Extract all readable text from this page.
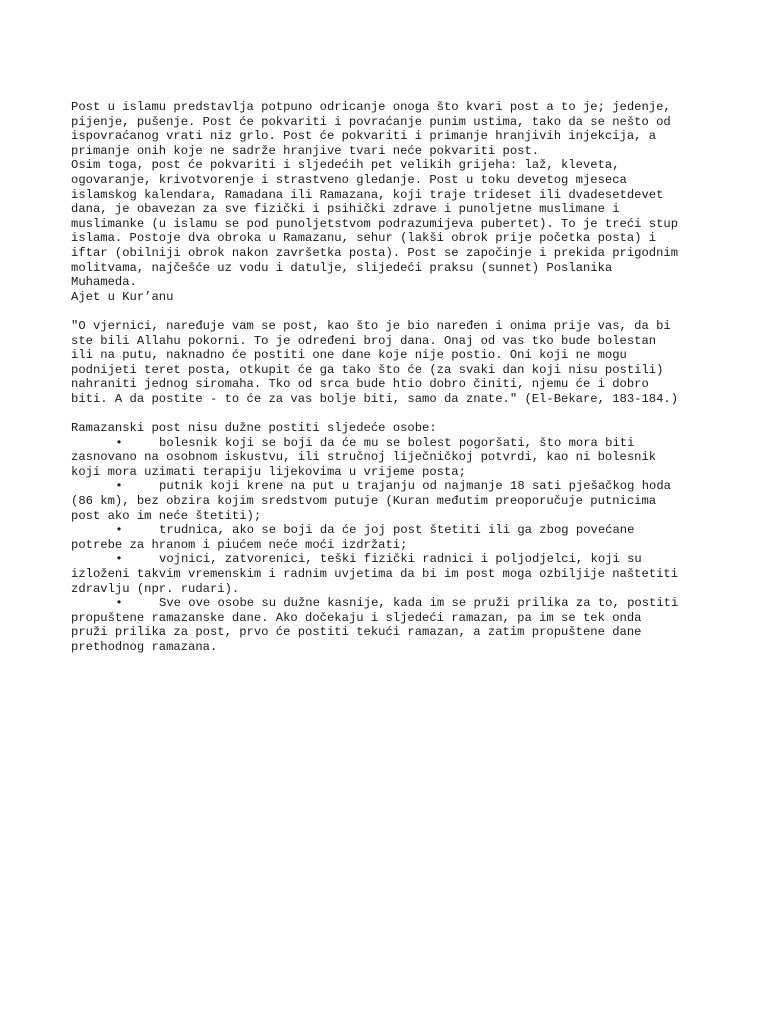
Post u islamu predstavlja potpuno odricanje onoga što kvari post a to je; jedenje,
pijenje, pušenje. Post će pokvariti i povraćanje punim ustima, tako da se nešto od
ispovraćanog vrati niz grlo. Post će pokvariti i primanje hranjivih injekcija, a
primanje onih koje ne sadrže hranjive tvari neće pokvariti post.
Osim toga, post će pokvariti i sljedećih pet velikih grijeha: laž, kleveta,
ogovaranje, krivotvorenje i strastveno gledanje. Post u toku devetog mjeseca
islamskog kalendara, Ramadana ili Ramazana, koji traje trideset ili dvadesetdevet
dana, je obavezan za sve fizički i psihički zdrave i punoljetne muslimane i
muslimanke (u islamu se pod punoljetstvom podrazumijeva pubertet). To je treći stup
islama. Postoje dva obroka u Ramazanu, sehur (lakši obrok prije početka posta) i
iftar (obilniji obrok nakon završetka posta). Post se započinje i prekida prigodnim
molitvama, najčešće uz vodu i datulje, slijedeći praksu (sunnet) Poslanika
Muhameda.
Ajet u Kur’anu
"O vjernici, naređuje vam se post, kao što je bio naređen i onima prije vas, da bi
ste bili Allahu pokorni. To je određeni broj dana. Onaj od vas tko bude bolestan
ili na putu, naknadno će postiti one dane koje nije postio. Oni koji ne mogu
podnijeti teret posta, otkupit će ga tako što će (za svaki dan koji nisu postili)
nahraniti jednog siromaha. Tko od srca bude htio dobro činiti, njemu će i dobro
biti. A da postite - to će za vas bolje biti, samo da znate." (El-Bekare, 183-184.)
Ramazanski post nisu dužne postiti sljedeće osobe:
•	bolesnik koji se boji da će mu se bolest pogoršati, što mora biti
zasnovano na osobnom iskustvu, ili stručnoj liječničkoj potvrdi, kao ni bolesnik
koji mora uzimati terapiju lijekovima u vrijeme posta;
•	putnik koji krene na put u trajanju od najmanje 18 sati pješačkog hoda
(86 km), bez obzira kojim sredstvom putuje (Kuran međutim preoporučuje putnicima
post ako im neće štetiti);
•	trudnica, ako se boji da će joj post štetiti ili ga zbog povećane
potrebe za hranom i piućem neće moći izdržati;
•	vojnici, zatvorenici, teški fizički radnici i poljodjelci, koji su
izloženi takvim vremenskim i radnim uvjetima da bi im post moga ozbiljije naštetiti
zdravlju (npr. rudari).
•	Sve ove osobe su dužne kasnije, kada im se pruži prilika za to, postiti
propuštene ramazanske dane. Ako dočekaju i sljedeći ramazan, pa im se tek onda
pruži prilika za post, prvo će postiti tekući ramazan, a zatim propuštene dane
prethodnog ramazana.
